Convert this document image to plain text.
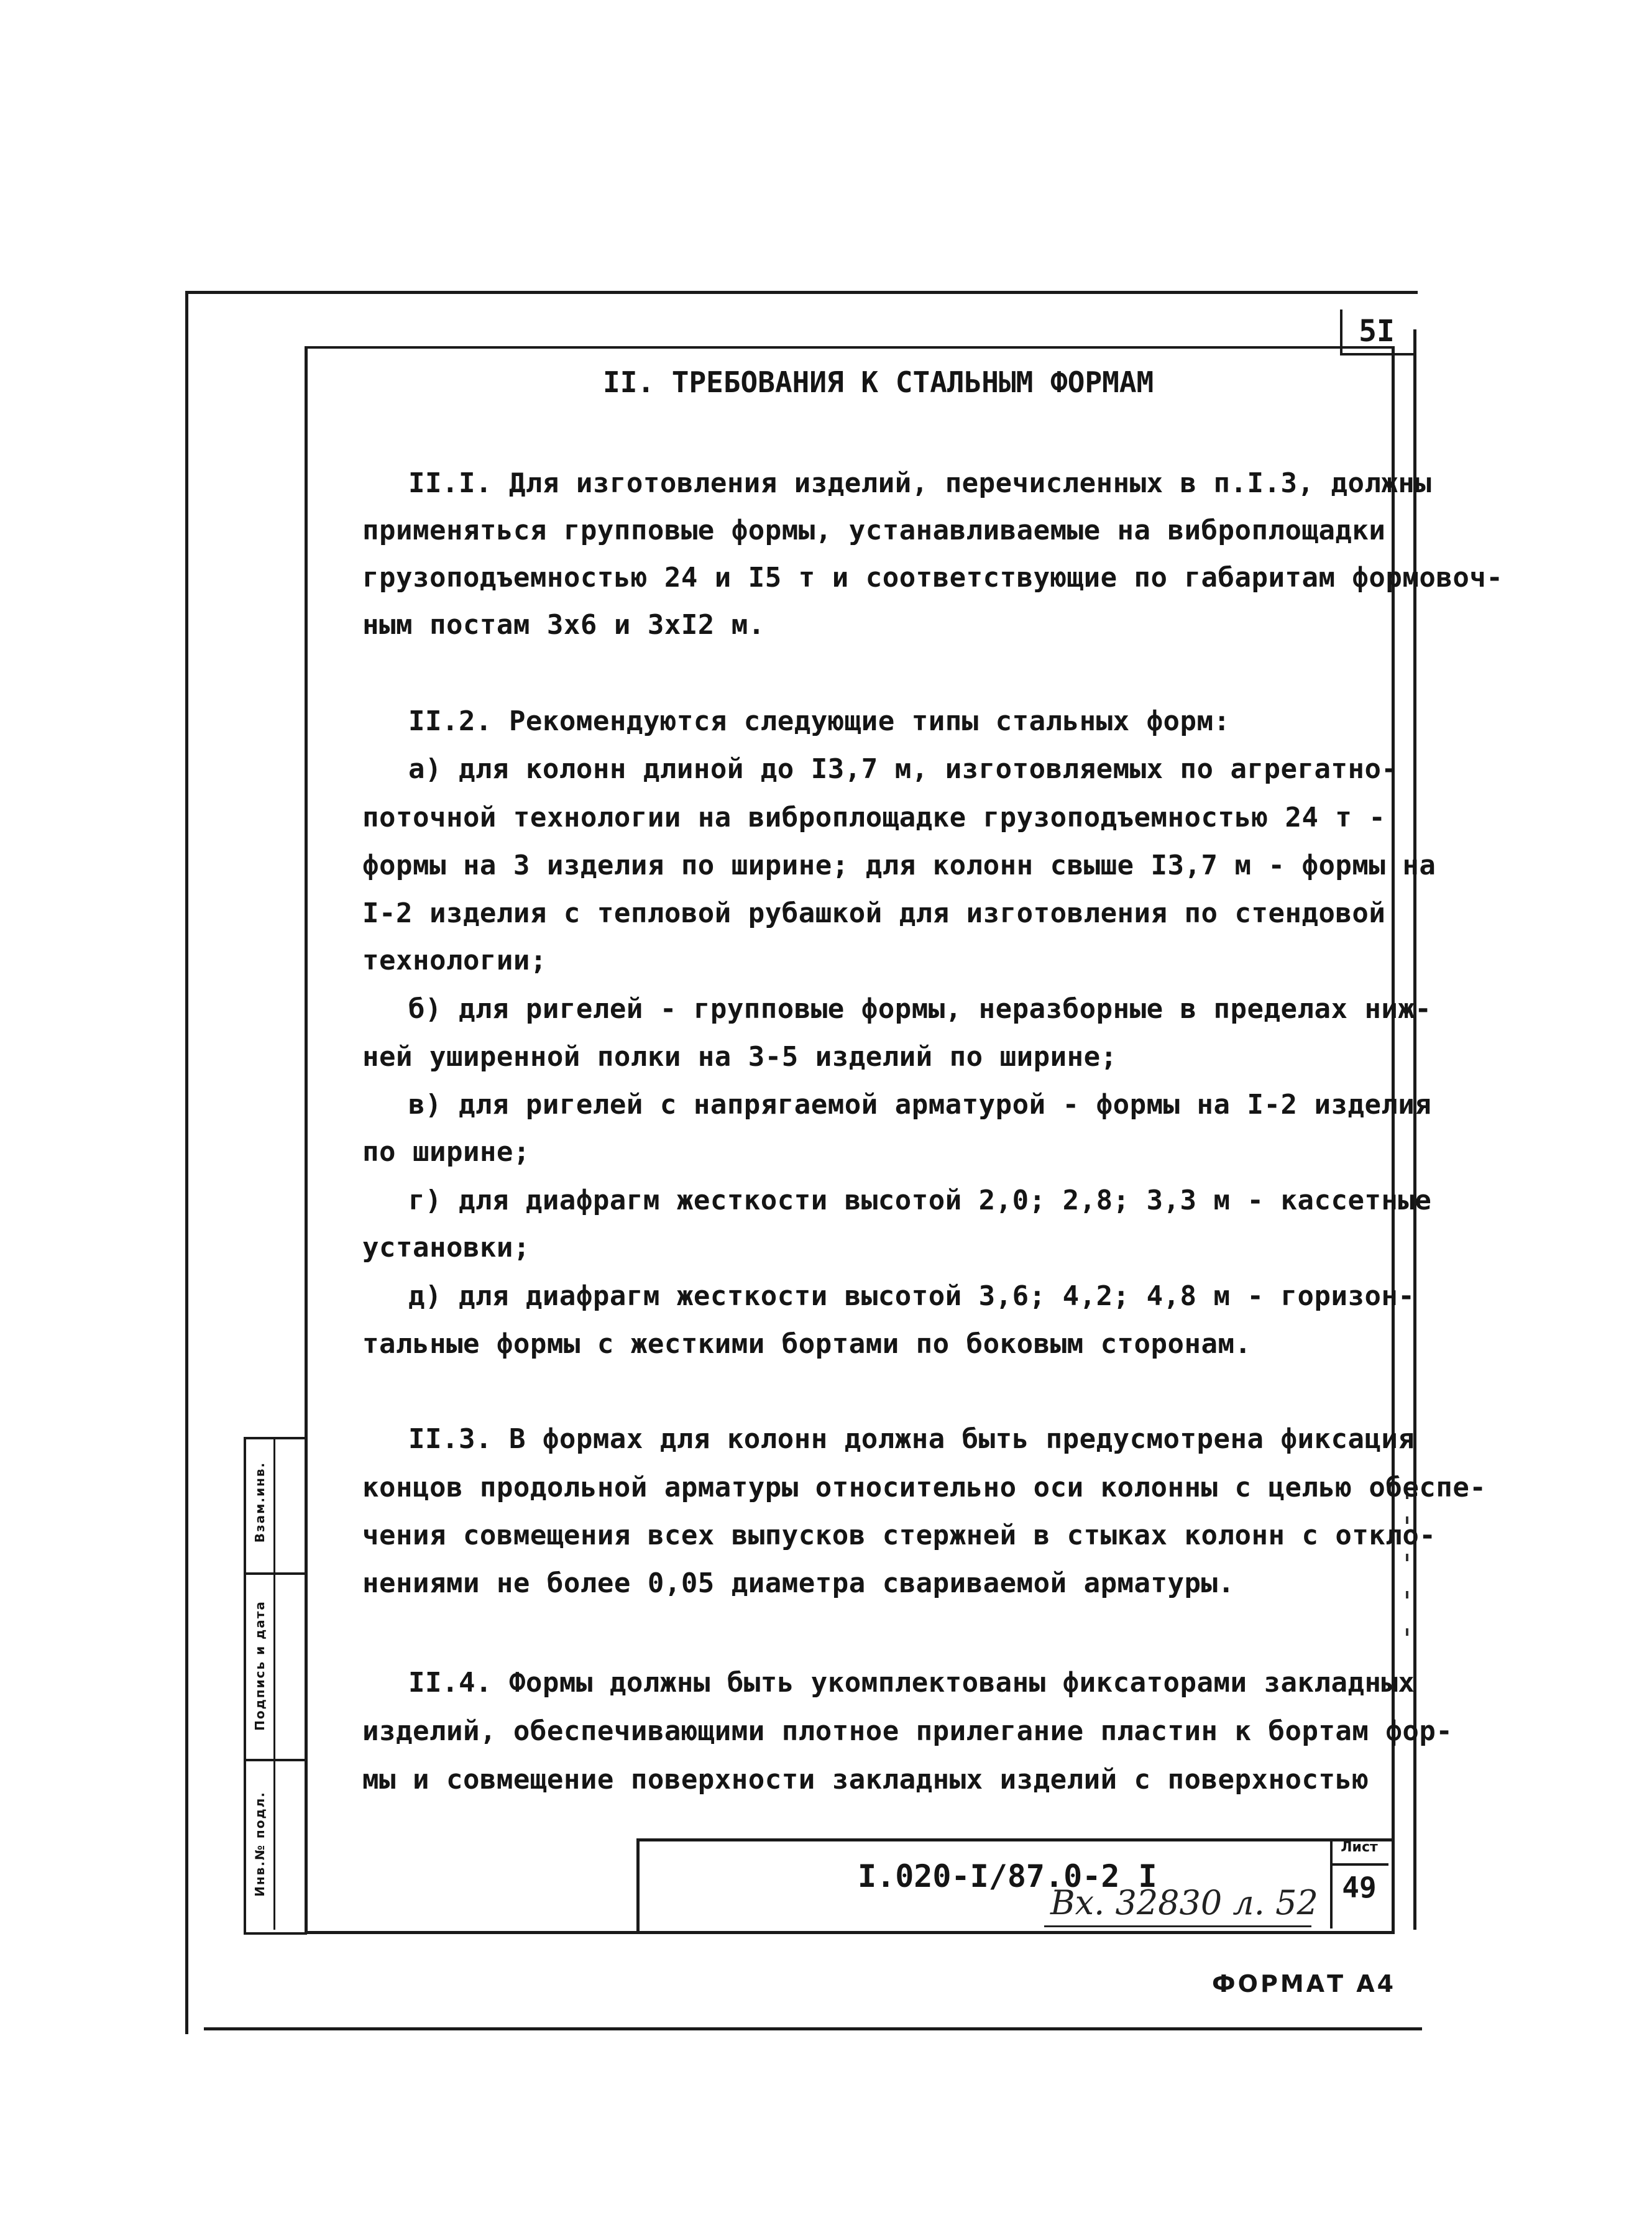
5I
II. ТРЕБОВАНИЯ К СТАЛЬНЫМ ФОРМАМ
II.I. Для изготовления изделий, перечисленных в п.I.3, должны
применяться групповые формы, устанавливаемые на виброплощадки
грузоподъемностью 24 и I5 т и соответствующие по габаритам формовоч-
ным постам 3х6 и 3хI2 м.
II.2. Рекомендуются следующие типы стальных форм:
а) для колонн длиной до I3,7 м, изготовляемых по агрегатно-
поточной технологии на виброплощадке грузоподъемностью 24 т -
формы на 3 изделия по ширине; для колонн свыше I3,7 м - формы на
I-2 изделия с тепловой рубашкой для изготовления по стендовой
технологии;
б) для ригелей - групповые формы, неразборные в пределах ниж-
ней уширенной полки на 3-5 изделий по ширине;
в) для ригелей с напрягаемой арматурой - формы на I-2 изделия
по ширине;
г) для диафрагм жесткости высотой 2,0; 2,8; 3,3 м - кассетные
установки;
д) для диафрагм жесткости высотой 3,6; 4,2; 4,8 м - горизон-
тальные формы с жесткими бортами по боковым сторонам.
II.3. В формах для колонн должна быть предусмотрена фиксация
концов продольной арматуры относительно оси колонны с целью обеспе-
чения совмещения всех выпусков стержней в стыках колонн с откло-
нениями не более 0,05 диаметра свариваемой арматуры.
II.4. Формы должны быть укомплектованы фиксаторами закладных
изделий, обеспечивающими плотное прилегание пластин к бортам фор-
мы и совмещение поверхности закладных изделий с поверхностью
Взам.инв.
Подпись и дата
Инв.№ подл.	I.020-I/87.0-2 I
Вх. 32830 л. 52
Лист
49
ФОРМАТ А4
